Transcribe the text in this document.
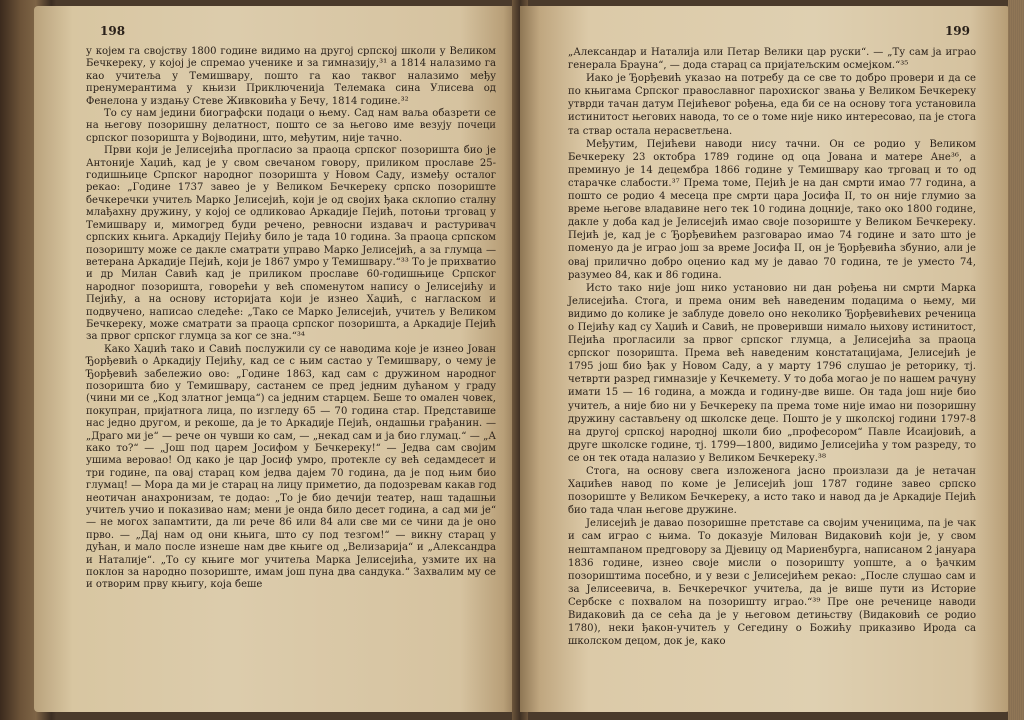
198

у којем га својству 1800 године видимо на другој српској школи у Великом Бечкереку, у којој је спремао ученике и за гимназију,³¹ а 1814 налазимо га као учитеља у Темишвару, пошто га као таквог налазимо међу пренумерантима у књизи Приключенија Телемака сина Улисева од Фенелона у издању Стеве Живковића у Бечу, 1814 године.³²

То су нам једини биографски подаци о њему. Сад нам ваља обазрети се на његову позоришну делатност, пошто се за његово име везују почеци српског позоришта у Војводини, што, међутим, није тачно.

Први који је Јелисејића прогласио за праоца српског позоришта био је Антоније Хаџић, кад је у свом свечаном говору, приликом прославе 25-годишњице Српског народног позоришта у Новом Саду, између осталог рекао: „Године 1737 завео је у Великом Бечкереку српско позориште бечкеречки учитељ Марко Јелисејић, који је од својих ђака склопио сталну млађахну дружину, у којој се одликовао Аркадије Пејић, потоњи трговац у Темишвару и, мимогред буди речено, ревносни издавач и растуривач српских књига. Аркадију Пејићу било је тада 10 година. За праоца српском позоришту може се дакле сматрати управо Марко Јелисејић, а за глумца — ветерана Аркадије Пејић, који је 1867 умро у Темишвару.“³³ То је прихватио и др Милан Савић кад је приликом прославе 60-годишњице Српског народног позоришта, говорећи у већ споменутом напису о Јелисејићу и Пејићу, а на основу историјата који је изнео Хаџић, с нагласком и подвучено, написао следеће: „Тако се Марко Јелисејић, учитељ у Великом Бечкереку, може сматрати за праоца српског позоришта, а Аркадије Пејић за првог српског глумца за ког се зна.“³⁴

Како Хаџић тако и Савић послужили су се наводима које је изнео Јован Ђорђевић о Аркадију Пејићу, кад се с њим састао у Темишвару, о чему је Ђорђевић забележио ово: „Године 1863, кад сам с дружином народног позоришта био у Темишвару, састанем се пред једним дућаном у граду (чини ми се „Код златног јемца“) са једним старцем. Беше то омален човек, покупран, пријатнога лица, по изгледу 65 — 70 година стар. Представише нас једно другом, и рекоше, да је то Аркадије Пејић, ондашњи грађанин. — „Драго ми је“ — рече он чувши ко сам, — „некад сам и ја био глумац.“ — „А како то?“ — „Још под царем Јосифом у Бечкереку!“ — Једва сам својим ушима веровао! Од како је цар Јосиф умро, протекле су већ седамдесет и три године, па овај старац ком једва дајем 70 година, да је под њим био глумац! — Мора да ми је старац на лицу приметио, да подозревам какав год неотичан анахронизам, те додао: „То је био дечији театер, наш тадашњи учитељ учио и показивао нам; мени је онда било десет година, а сад ми је“ — не могох запамтити, да ли рече 86 или 84 али све ми се чини да је оно прво. — „Дај нам од они књига, што су под тезгом!“ — викну старац у дућан, и мало после изнеше нам две књиге од „Велизарија“ и „Александра и Наталије“. „То су књиге мог учитеља Марка Јелисејића, узмите их на поклон за народно позориште, имам још пуна два сандука.“ Захвалим му се и отворим прву књигу, која беше

199

„Александар и Наталија или Петар Велики цар руски“. — „Ту сам ја играо генерала Брауна“, — дода старац са пријатељским осмејком.“³⁵

Иако је Ђорђевић указао на потребу да се све то добро провери и да се по књигама Српског православног парохиског звања у Великом Бечкереку утврди тачан датум Пејићевог рођења, еда би се на основу тога установила истинитост његових навода, то се о томе није нико интересовао, па је стога та ствар остала нерасветљена.

Међутим, Пејићеви наводи нису тачни. Он се родио у Великом Бечкереку 23 октобра 1789 године од оца Јована и матере Ане³⁶, а преминуо је 14 децембра 1866 године у Темишвару као трговац и то од старачке слабости.³⁷ Према томе, Пејић је на дан смрти имао 77 година, а пошто се родио 4 месеца пре смрти цара Јосифа II, то он није глумио за време његове владавине него тек 10 година доцније, тако око 1800 године, дакле у доба кад је Јелисејић имао своје позориште у Великом Бечкереку. Пејић је, кад је с Ђорђевићем разговарао имао 74 године и зато што је поменуо да је играо још за време Јосифа II, он је Ђорђевића збунио, али је овај прилично добро оценио кад му је давао 70 година, те је уместо 74, разумео 84, как и 86 година.

Исто тако није још нико установио ни дан рођења ни смрти Марка Јелисејића. Стога, и према оним већ наведеним подацима о њему, ми видимо до колике је заблуде довело оно неколико Ђорђевићевих реченица о Пејићу кад су Хаџић и Савић, не проверивши нимало њихову истинитост, Пејића прогласили за првог српског глумца, а Јелисејића за праоца српског позоришта. Према већ наведеним констатацијама, Јелисејић је 1795 још био ђак у Новом Саду, а у марту 1796 слушао је реторику, тј. четврти разред гимназије у Кечкемету. У то доба могао је по нашем рачуну имати 15 — 16 година, а можда и годину-две више. Он тада још није био учитељ, а није био ни у Бечкереку па према томе није имао ни позоришну дружину састављену од школске деце. Пошто је у школској години 1797-8 на другој српској народној школи био „професором“ Павле Исаијовић, а друге школске године, тј. 1799—1800, видимо Јелисејића у том разреду, то се он тек отада налазио у Великом Бечкереку.³⁸

Стога, на основу свега изложенога јасно произлази да је нетачан Хаџићев навод по коме је Јелисејић још 1787 године завео српско позориште у Великом Бечкереку, а исто тако и навод да је Аркадије Пејић био тада члан његове дружине.

Јелисејић је давао позоришне претставе са својим ученицима, па је чак и сам играо с њима. То доказује Милован Видаковић који је, у свом нештампаном предговору за Дјевицу од Мариенбурга, написаном 2 јануара 1836 године, изнео своје мисли о позоришту уопште, а о ђачким позориштима посебно, и у вези с Јелисејићем рекао: „После слушао сам и за Јелисеевича, в. Бечкеречког учитеља, да је више пути из Историе Сербске с похвалом на позоришту играо.“³⁹ Пре оне реченице наводи Видаковић да се сећа да је у његовом детињству (Видаковић се родио 1780), неки ђакон-учитељ у Сегедину о Божићу приказиво Ирода са школском децом, док је, како
